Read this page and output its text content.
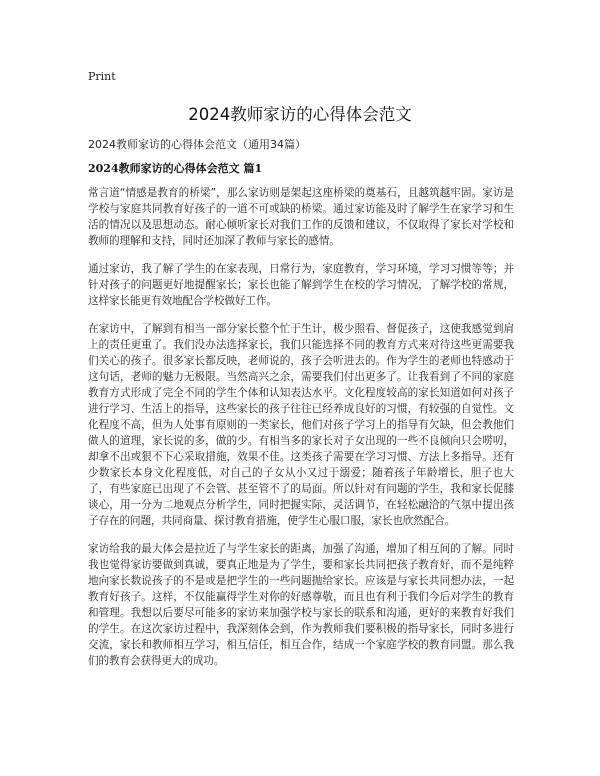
Print
2024教师家访的心得体会范文

2024教师家访的心得体会范文（通用34篇）

2024教师家访的心得体会范文 篇1

常言道“情感是教育的桥梁”，那么家访则是架起这座桥梁的奠基石，且越筑越牢固。家访是学校与家庭共同教育好孩子的一道不可或缺的桥梁。通过家访能及时了解学生在家学习和生活的情况以及思想动态。耐心倾听家长对我们工作的反馈和建议，不仅取得了家长对学校和教师的理解和支持，同时还加深了教师与家长的感情。

通过家访，我了解了学生的在家表现，日常行为，家庭教育，学习环境，学习习惯等等；并针对孩子的问题更好地提醒家长；家长也能了解到学生在校的学习情况，了解学校的常规，这样家长能更有效地配合学校做好工作。

在家访中，了解到有相当一部分家长整个忙于生计，极少照看、督促孩子，这使我感觉到肩上的责任更重了。我们没办法选择家长，我们只能选择不同的教育方式来对待这些更需要我们关心的孩子。很多家长都反映，老师说的，孩子会听进去的。作为学生的老师也特感动于这句话，老师的魅力无极限。当然高兴之余，需要我们付出更多了。让我看到了不同的家庭教育方式形成了完全不同的学生个体和认知表达水平。文化程度较高的家长知道如何对孩子进行学习、生活上的指导，这些家长的孩子往往已经养成良好的习惯，有较强的自觉性。文化程度不高，但为人处事有原则的一类家长，他们对孩子学习上的指导有欠缺，但会教他们做人的道理，家长说的多，做的少。有相当多的家长对子女出现的一些不良倾向只会唠叨，却拿不出或狠不下心采取措施，效果不佳。这类孩子需要在学习习惯、方法上多指导。还有少数家长本身文化程度低，对自己的子女从小又过于溺爱；随着孩子年龄增长，胆子也大了，有些家庭已出现了不会管、甚至管不了的局面。所以针对有问题的学生，我和家长促膝谈心，用一分为二地观点分析学生，同时把握实际，灵活调节，在轻松融洽的气氛中提出孩子存在的问题，共同商量、探讨教育措施，使学生心服口服，家长也欣然配合。

家访给我的最大体会是拉近了与学生家长的距离，加强了沟通，增加了相互间的了解。同时我也觉得家访要做到真诚，要真正地是为了学生，要和家长共同把孩子教育好，而不是纯粹地向家长数说孩子的不是或是把学生的一些问题抛给家长。应该是与家长共同想办法，一起教育好孩子。这样，不仅能赢得学生对你的好感尊敬，而且也有利于我们今后对学生的教育和管理。我想以后要尽可能多的家访来加强学校与家长的联系和沟通，更好的来教育好我们的学生。在这次家访过程中，我深刻体会到，作为教师我们要积极的指导家长，同时多进行交流，家长和教师相互学习，相互信任，相互合作，结成一个家庭学校的教育同盟。那么我们的教育会获得更大的成功。
